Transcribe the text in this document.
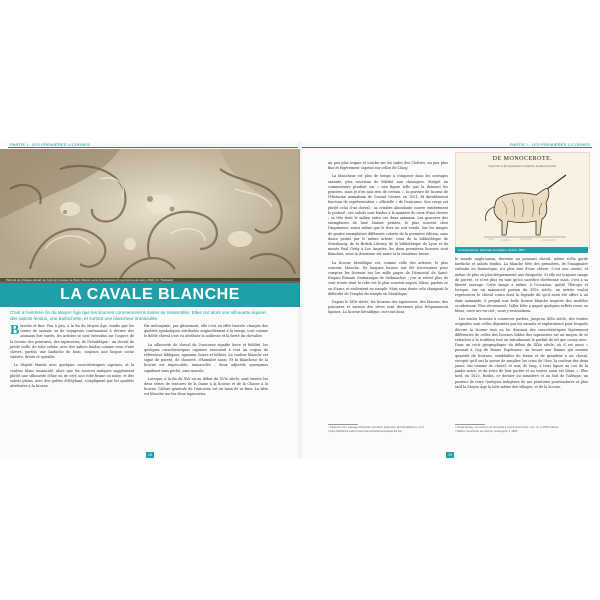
PARTIE I : LES PREMIÈRES LICORNES
Plafond du château (détail) de Kyburg Fresque de Pietro Maria Lucca de Mendoza (© La Licorne de Hein, 2016 / D. Tirabassi)
LA CAVALE BLANCHE

C'est à l'extrême fin du Moyen Âge que les licornes commencent à toutes se ressembler. Elles ont alors une silhouette équine, des sabots fendus, une barbichette, et surtout une blancheur immaculée.

Blanche et fine. Peu à peu, à la fin du Moyen Âge, tandis que les textes de savants ou de voyageurs continuaient à décrire des animaux fort variés, les artistes se sont entendus sur l'aspect de la licorne des peintures, des tapisseries, de l'héraldique : un cheval de petite taille, de robe crème, avec des sabots fendus comme ceux d'une chèvre, parfois une barbiche de bouc, toujours une longue corne sinistre, droite et spiralée.

Le dégoût étaient avec quelques caractéristiques caprines, et la couleur blanc immaculé, alors que les sources antiques suggéraient plutôt une silhouette d'âne ou de cerf, une robe brune ou noire, et des sabots pleins, avec des quêtes d'éléphant, s'expliquent par les qualités attribuées à la licorne.

Par métonymie, par glissement, elle s'est en effet trouvée chargée des qualités symboliques attribuées originellement à la vierge, tout comme le fidèle cheval s'est vu attribuer la noblesse et la fierté du chevalier.

La silhouette de cheval de l'unicorne signifie force et fidélité, les quelques caractéristiques caprines renvoient à tout un corpus de références bibliques, agneaux, boucs et béliers. La couleur blanche est signe de pureté, de chasteté, d'humilité aussi. Et la blancheur de la licorne est impeccable, immaculée – deux adjectifs synonymes signifiant sans péché, sans macule.

Lorsque, à la fin du XVe ou au début du XVIe siècle, sont tissées les deux séries de tentures de la Dame à la licorne et de la Chasse à la licorne, l'allure générale de l'unicorne est en train de se fixer. La bête est blanche sur les deux tapisseries,

18
PARTIE I : LES PREMIÈRES LICORNES

un peu plus trapue et touche sur les tailes des Cloîtres, un peu plus fine et légèrement caprine sur celles de Cluny.

La blancheur est plus de tempo à s'imposer dans les ouvrages savants, plus soucieux de fidélité aux classiques. Malgré un commentaire prudent sur « une figure telle que la donnent les peintres, mais je n'en sais rien de certain », la gravure de licorne de l'Historiae animalium de Conrad Gesner, en 1551, fit durablement fonction de représentation « officielle » de l'unicorne. Son corps est plutôt celui d'un cheval ; sa crinière abondante couvre entièrement le poitrail ; ses sabots sont fendus à la manière de ceux d'une chèvre ; sa tête tient le milieu entre ces deux animaux. Les gravures des exemplaires de luxe étaient peintes, le plus souvent chez l'imprimeur, avant même que le livre ne soit vendu. Sur les images de quatre exemplaires différents colorés de la première édition, sans doute peints par le même artiste, ceux de la bibliothèque de Strasbourg, de la British Library, de la bibliothèque de Lyon et du musée Paul Getty à Los Angeles, les deux premières licornes sont blanches, nous la deuxième est noire et la troisième brune.

La licorne héraldique est, comme celle des artistes, le plus souvent, blanche. De longues heures ont été nécessaires pour compter les licornes sur les mille pages de l'Armorial de Saint-Empire Romain Germanique de Siebmacher ; j'en ai relevé plus de cent trente dont la robe est le plus souvent argent, blanc, parfois or ou d'azur, et seulement en sinople. Mais sans doute cela changeait la difficulté de l'emploi du sinople en héraldique.

Depuis le XIVe siècle, les licornes des tapisseries, des blasons, des peintures et surtout des rêves sont devenues plus fréquemment lupines. La licorne héraldique, sur tout dans

DE MONOCEROTE.
Figura hæc ut ferè apud pictores conspicitur, in quibus est forma.
Conrad Gesner, Historiae Animalium, Zurich, 1551.

le monde anglo-saxon, devenue un puissant cheval, même s'elle garde barbiche et sabots fendus. La blanche bête des premières, de l'imaginaire enfantin ou fantastique, n'a plus rien d'une chèvre. C'est une cavale, et même de plus en plus fréquemment une frisquette. Si elle est toujours image de pureté, ce n'est plus en tant qu'un sacrifice chrétienne mais, c'est à sa liberté sauvage. Cette image a même, à l'occasion, quitté l'Europe et lorsque, sur un manuscrit persan du XVIe siècle, un artiste voulut représenter le cheval cornu dont la légende dit qu'il avait été offert à un émir samanide, il peignit une belle licorne blanche inspirée des modèles occidentaux. Plus récemment, l'aller bête a gagné quelques reflets roses ou bleus, voire arc-en-ciel ; nous y reviendrons.

Les seules licornes à conserver parfois, jusqu'au XIXe siècle, des teintes originales sont celles dépeintes par les savants et explorateurs pour lesquels décrire la licorne tout en lui donnant des caractéristiques légèrement différentes de celles des licornes bibles des tapisseries est un moyen de se rattacher à la tradition tout en introduisant le parfait de tel que connu avec. Dans un récit géographique du début du XIXe siècle, où il est aussi « passant à Cap de Bonne Espérance, on trouve une femme qui nomme quantité de licornes, semblables de forme et de grandeur à un cheval, excepté qu'il ont la queue de sanglier, les crins de l'âne, la couleur des deux jaune, bai comme de cheval, et noir, de long, à trois lignes au cou de la jambe noire, et du reste de leur portée et au ventre aussi est blanc ». Plus tard, en 1820, Roulin, ce dernier au ministère et au Sud de l'Afrique, un pasteur de terre Quelques indigènes de ses peintures pourtraitures et plus tard la Moyen Âge la toile même des villages, et de la licorne.

¹ Traduction d'un passage d'Historiae animalium disponible dans Buddhismus, vol.2
² https://bibliothek.edition.lizenz.kult.de/Schlesien/Kapitel-E1.asp
¹ Amelia Manley, Les licornes de l'Antiquité à l'esprit sont hérités, voix, ch. et 2005 éditions.
² Walther Geschichte der Zürichs, Hofburgerei 1, 1896.
19
